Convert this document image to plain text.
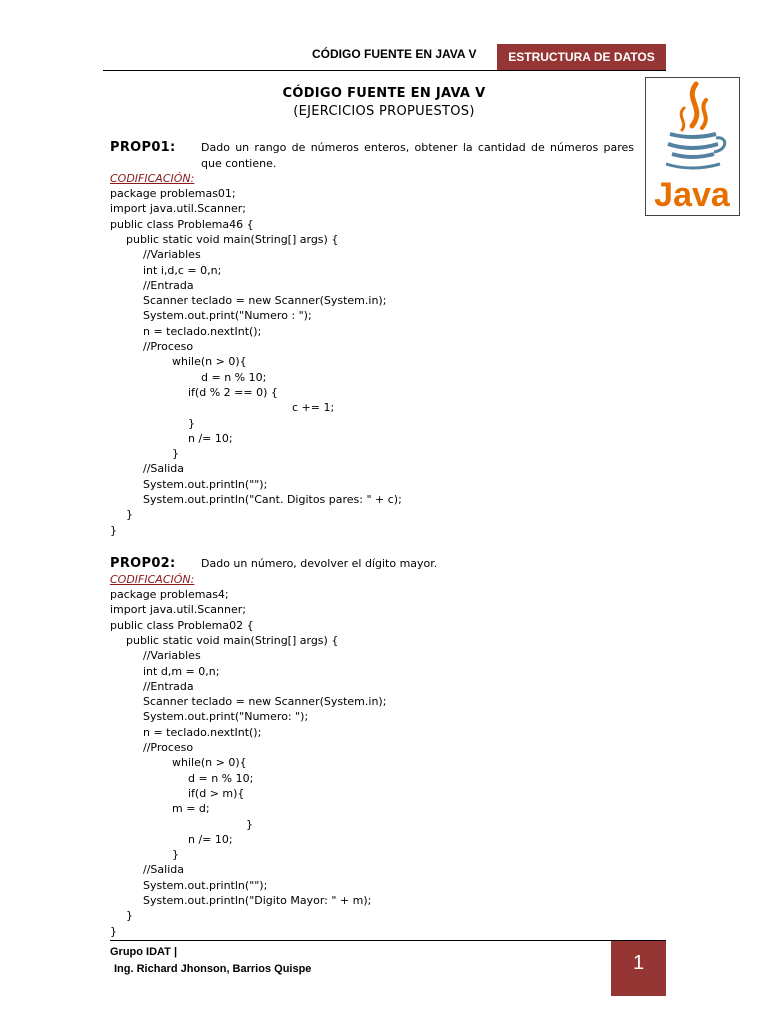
CÓDIGO FUENTE EN JAVA V	ESTRUCTURA DE DATOS
Java
CÓDIGO FUENTE EN JAVA V
(EJERCICIOS PROPUESTOS)
PROP01: Dado un rango de números enteros, obtener la cantidad de números pares que contiene.
CODIFICACIÓN:
package problemas01;
import java.util.Scanner;
public class Problema46 {
public static void main(String[] args) {
//Variables
int i,d,c = 0,n;
//Entrada
Scanner teclado = new Scanner(System.in);
System.out.print("Numero : ");
n = teclado.nextInt();
//Proceso
while(n > 0){
d = n % 10;
if(d % 2 == 0) {
c += 1;
}
n /= 10;
}
//Salida
System.out.println("");
System.out.println("Cant. Digitos pares: " + c);
}
}
PROP02: Dado un número, devolver el dígito mayor.
CODIFICACIÓN:
package problemas4;
import java.util.Scanner;
public class Problema02 {
public static void main(String[] args) {
//Variables
int d,m = 0,n;
//Entrada
Scanner teclado = new Scanner(System.in);
System.out.print("Numero: ");
n = teclado.nextInt();
//Proceso
while(n > 0){
d = n % 10;
if(d > m){
m = d;
}
n /= 10;
}
//Salida
System.out.println("");
System.out.println("Digito Mayor: " + m);
}
}
Grupo IDAT |
Ing. Richard Jhonson, Barrios Quispe	1
